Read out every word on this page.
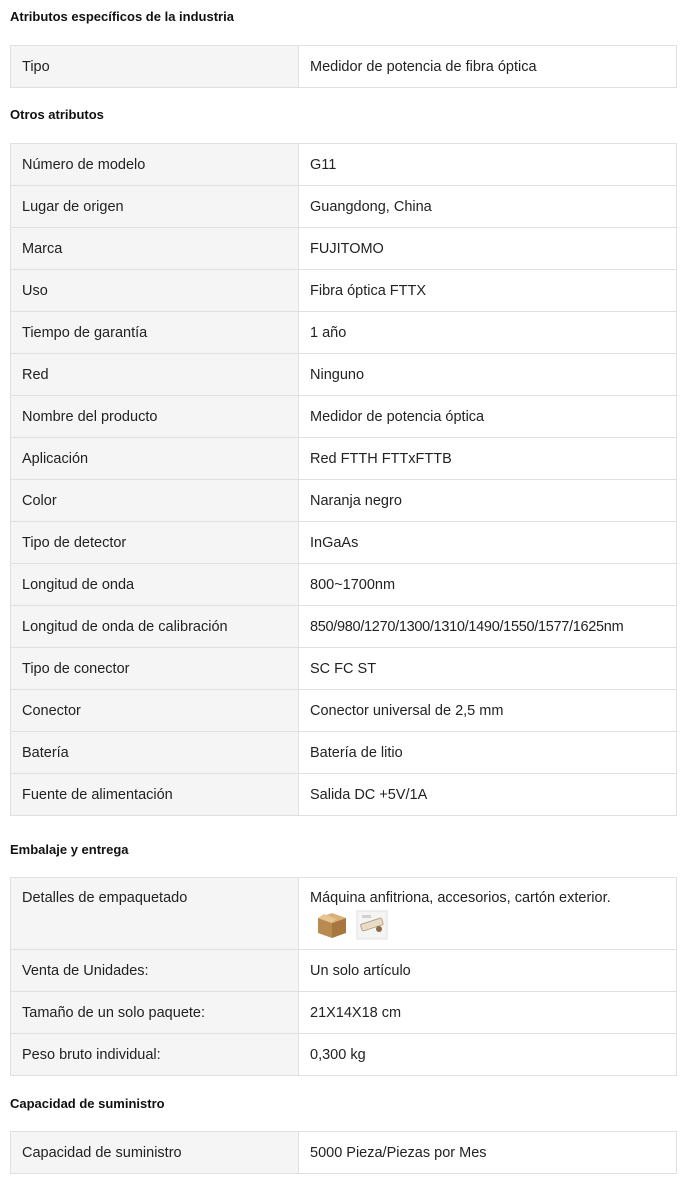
Atributos específicos de la industria

Tipo	Medidor de potencia de fibra óptica

Otros atributos

Número de modelo	G11
Lugar de origen	Guangdong, China
Marca	FUJITOMO
Uso	Fibra óptica FTTX
Tiempo de garantía	1 año
Red	Ninguno
Nombre del producto	Medidor de potencia óptica
Aplicación	Red FTTH FTTxFTTB
Color	Naranja negro
Tipo de detector	InGaAs
Longitud de onda	800~1700nm
Longitud de onda de calibración	850/980/1270/1300/1310/1490/1550/1577/1625nm
Tipo de conector	SC FC ST
Conector	Conector universal de 2,5 mm
Batería	Batería de litio
Fuente de alimentación	Salida DC +5V/1A

Embalaje y entrega

Detalles de empaquetado	Máquina anfitriona, accesorios, cartón exterior.

Venta de Unidades:	Un solo artículo
Tamaño de un solo paquete:	21X14X18 cm
Peso bruto individual:	0,300 kg

Capacidad de suministro

Capacidad de suministro	5000 Pieza/Piezas por Mes
